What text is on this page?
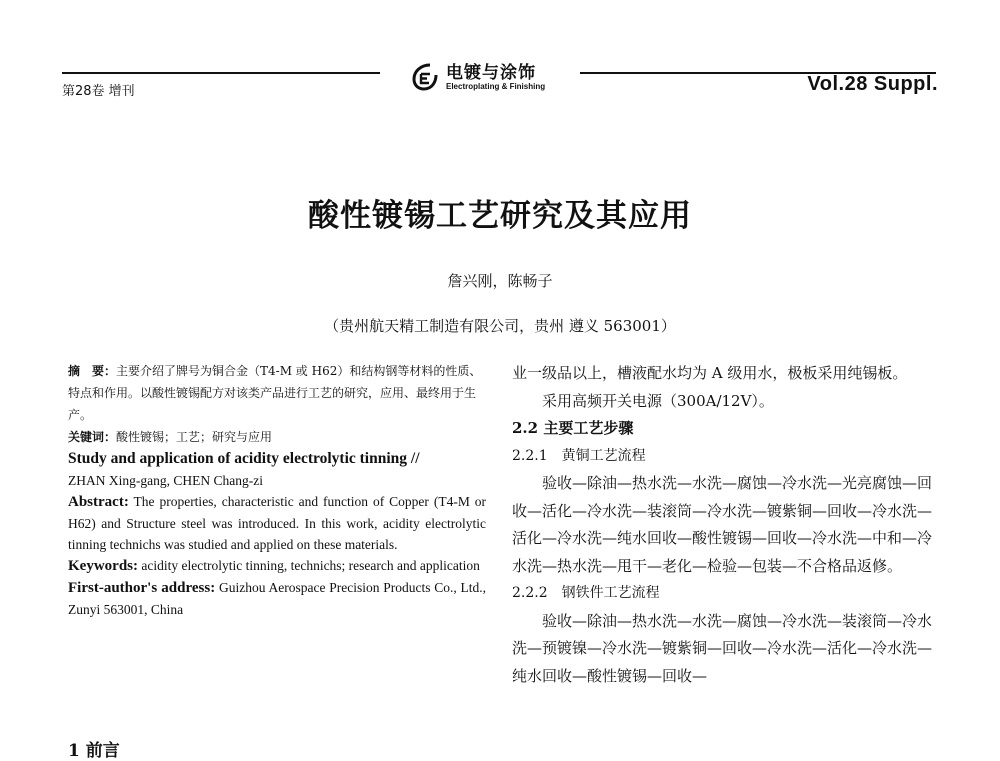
第28卷 增刊
电镀与涂饰
Electroplating & Finishing	Vol.28 Suppl.
酸性镀锡工艺研究及其应用
詹兴刚，陈畅子
（贵州航天精工制造有限公司，贵州 遵义 563001）

摘　要：主要介绍了牌号为铜合金（T4-M 或 H62）和结构钢等材料的性质、特点和作用。以酸性镀锡配方对该类产品进行工艺的研究，应用、最终用于生产。

关键词：酸性镀锡；工艺；研究与应用

Study and application of acidity electrolytic tinning //

ZHAN Xing-gang, CHEN Chang-zi

Abstract: The properties, characteristic and function of Copper (T4-M or H62) and Structure steel was introduced. In this work, acidity electrolytic tinning technichs was studied and applied on these materials.

Keywords: acidity electrolytic tinning, technichs; research and application

First-author's address: Guizhou Aerospace Precision Products Co., Ltd., Zunyi 563001, China

1 前言

业一级品以上，槽液配水均为 A 级用水，极板采用纯锡板。

采用高频开关电源（300A/12V）。

2.2 主要工艺步骤

2.2.1　黄铜工艺流程

验收—除油—热水洗—水洗—腐蚀—冷水洗—光亮腐蚀—回收—活化—冷水洗—装滚筒—冷水洗—镀紫铜—回收—冷水洗—活化—冷水洗—纯水回收—酸性镀锡—回收—冷水洗—中和—冷水洗—热水洗—甩干—老化—检验—包装—不合格品返修。

2.2.2　钢铁件工艺流程

验收—除油—热水洗—水洗—腐蚀—冷水洗—装滚筒—冷水洗—预镀镍—冷水洗—镀紫铜—回收—冷水洗—活化—冷水洗—纯水回收—酸性镀锡—回收—
